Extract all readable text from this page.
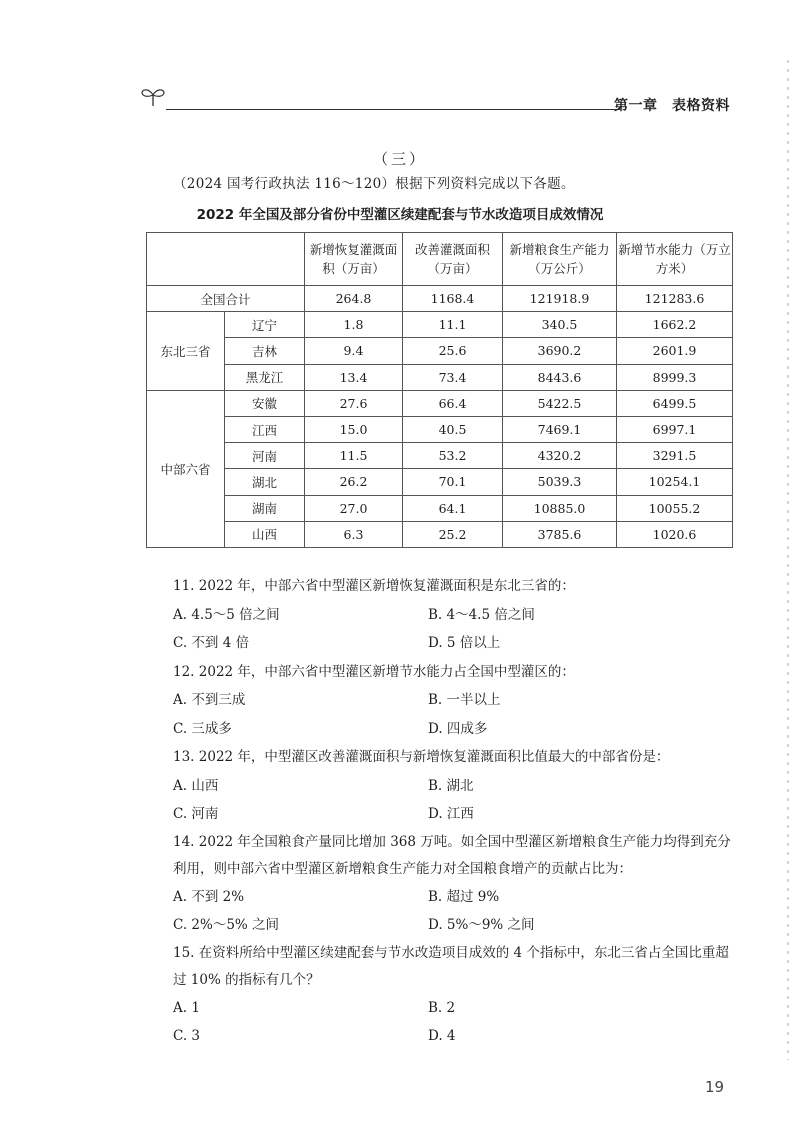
第一章　表格资料
（三）
（2024 国考行政执法 116～120）根据下列资料完成以下各题。
2022 年全国及部分省份中型灌区续建配套与节水改造项目成效情况
		新增恢复灌溉面积（万亩）	改善灌溉面积（万亩）	新增粮食生产能力（万公斤）	新增节水能力（万立方米）
全国合计		264.8	1168.4	121918.9	121283.6
东北三省	辽宁	1.8	11.1	340.5	1662.2
	吉林	9.4	25.6	3690.2	2601.9
	黑龙江	13.4	73.4	8443.6	8999.3
中部六省	安徽	27.6	66.4	5422.5	6499.5
	江西	15.0	40.5	7469.1	6997.1
	河南	11.5	53.2	4320.2	3291.5
	湖北	26.2	70.1	5039.3	10254.1
	湖南	27.0	64.1	10885.0	10055.2
	山西	6.3	25.2	3785.6	1020.6
11. 2022 年，中部六省中型灌区新增恢复灌溉面积是东北三省的：
A. 4.5～5 倍之间	B. 4～4.5 倍之间
C. 不到 4 倍	D. 5 倍以上
12. 2022 年，中部六省中型灌区新增节水能力占全国中型灌区的：
A. 不到三成	B. 一半以上
C. 三成多	D. 四成多
13. 2022 年，中型灌区改善灌溉面积与新增恢复灌溉面积比值最大的中部省份是：
A. 山西	B. 湖北
C. 河南	D. 江西
14. 2022 年全国粮食产量同比增加 368 万吨。如全国中型灌区新增粮食生产能力均得到充分利用，则中部六省中型灌区新增粮食生产能力对全国粮食增产的贡献占比为：
A. 不到 2%	B. 超过 9%
C. 2%～5% 之间	D. 5%～9% 之间
15. 在资料所给中型灌区续建配套与节水改造项目成效的 4 个指标中，东北三省占全国比重超过 10% 的指标有几个？
A. 1	B. 2
C. 3	D. 4
19
